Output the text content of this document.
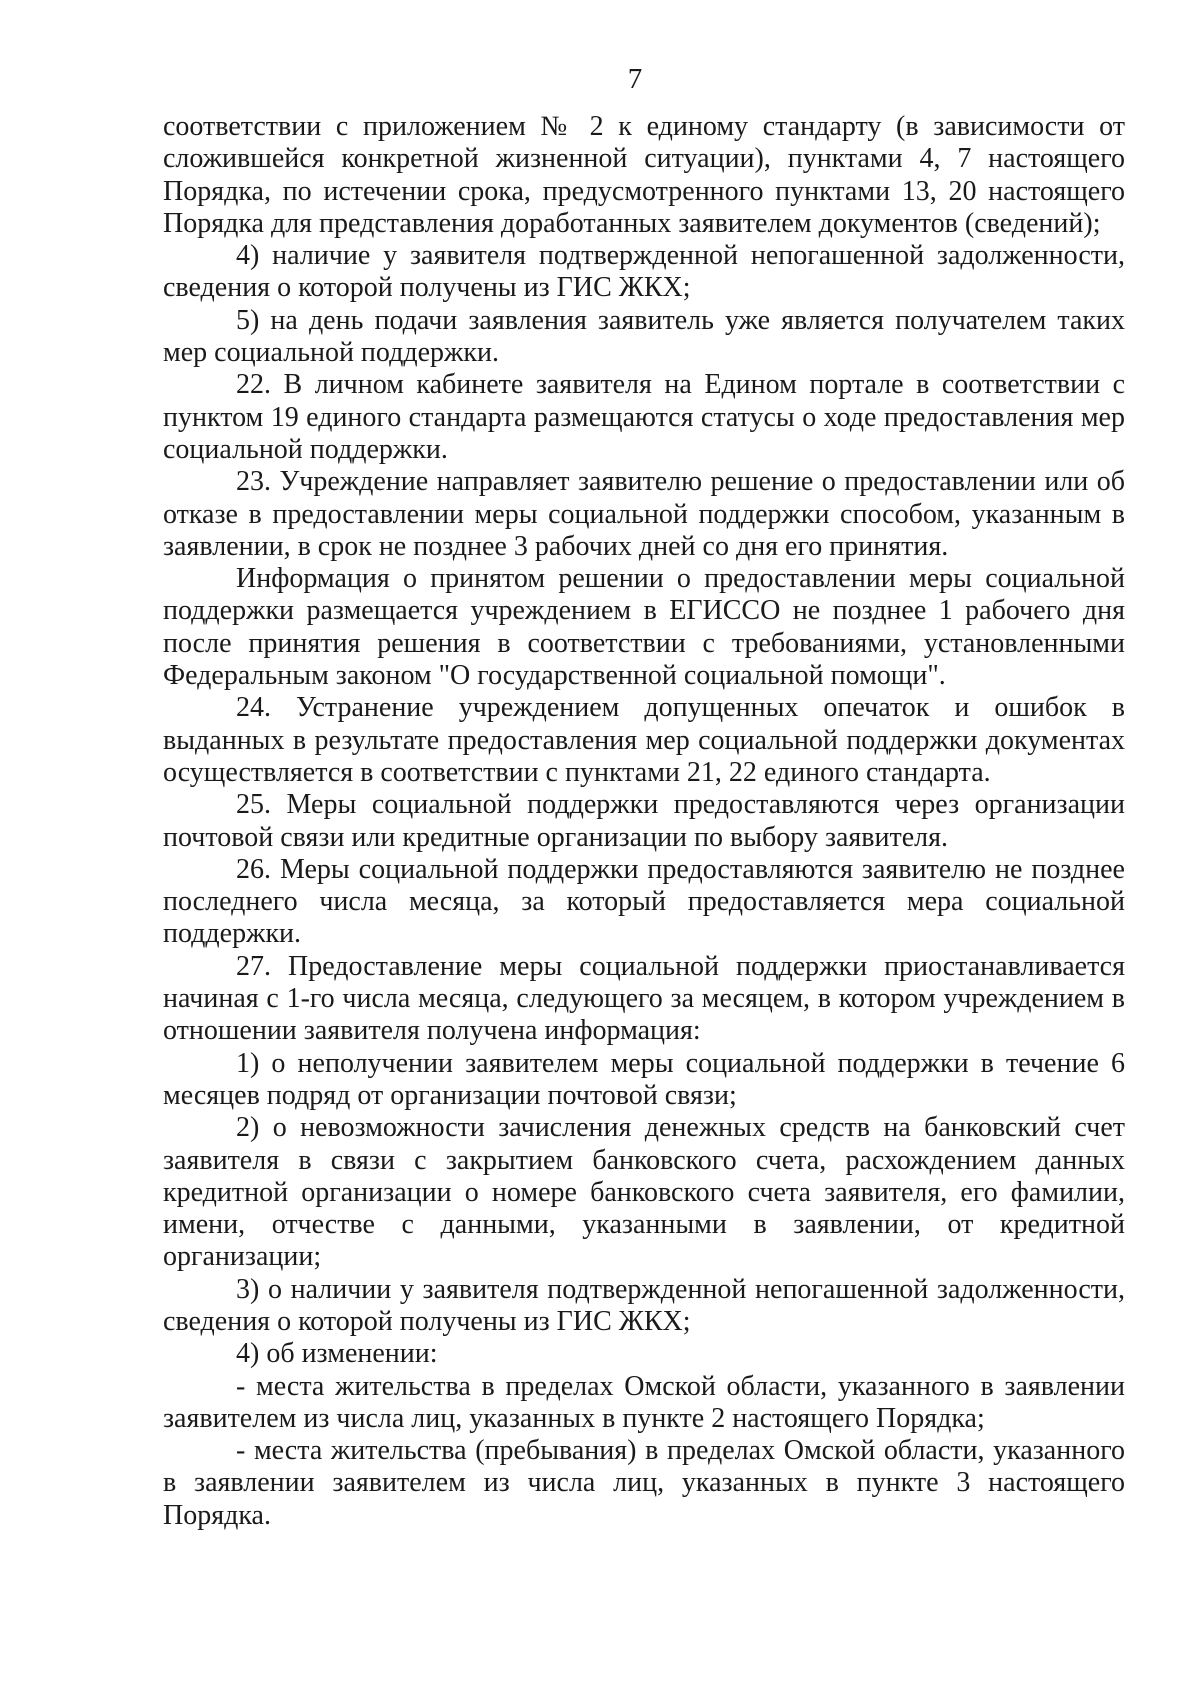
7

соответствии с приложением № 2 к единому стандарту (в зависимости от сложившейся конкретной жизненной ситуации), пунктами 4, 7 настоящего Порядка, по истечении срока, предусмотренного пунктами 13, 20 настоящего Порядка для представления доработанных заявителем документов (сведений);

4) наличие у заявителя подтвержденной непогашенной задолженности, сведения о которой получены из ГИС ЖКХ;

5) на день подачи заявления заявитель уже является получателем таких мер социальной поддержки.

22. В личном кабинете заявителя на Едином портале в соответствии с пунктом 19 единого стандарта размещаются статусы о ходе предоставления мер социальной поддержки.

23. Учреждение направляет заявителю решение о предоставлении или об отказе в предоставлении меры социальной поддержки способом, указанным в заявлении, в срок не позднее 3 рабочих дней со дня его принятия.

Информация о принятом решении о предоставлении меры социальной поддержки размещается учреждением в ЕГИССО не позднее 1 рабочего дня после принятия решения в соответствии с требованиями, установленными Федеральным законом "О государственной социальной помощи".

24. Устранение учреждением допущенных опечаток и ошибок в выданных в результате предоставления мер социальной поддержки документах осуществляется в соответствии с пунктами 21, 22 единого стандарта.

25. Меры социальной поддержки предоставляются через организации почтовой связи или кредитные организации по выбору заявителя.

26. Меры социальной поддержки предоставляются заявителю не позднее последнего числа месяца, за который предоставляется мера социальной поддержки.

27. Предоставление меры социальной поддержки приостанавливается начиная с 1-го числа месяца, следующего за месяцем, в котором учреждением в отношении заявителя получена информация:

1) о неполучении заявителем меры социальной поддержки в течение 6 месяцев подряд от организации почтовой связи;

2) о невозможности зачисления денежных средств на банковский счет заявителя в связи с закрытием банковского счета, расхождением данных кредитной организации о номере банковского счета заявителя, его фамилии, имени, отчестве с данными, указанными в заявлении, от кредитной организации;

3) о наличии у заявителя подтвержденной непогашенной задолженности, сведения о которой получены из ГИС ЖКХ;

4) об изменении:

- места жительства в пределах Омской области, указанного в заявлении заявителем из числа лиц, указанных в пункте 2 настоящего Порядка;

- места жительства (пребывания) в пределах Омской области, указанного в заявлении заявителем из числа лиц, указанных в пункте 3 настоящего Порядка.
